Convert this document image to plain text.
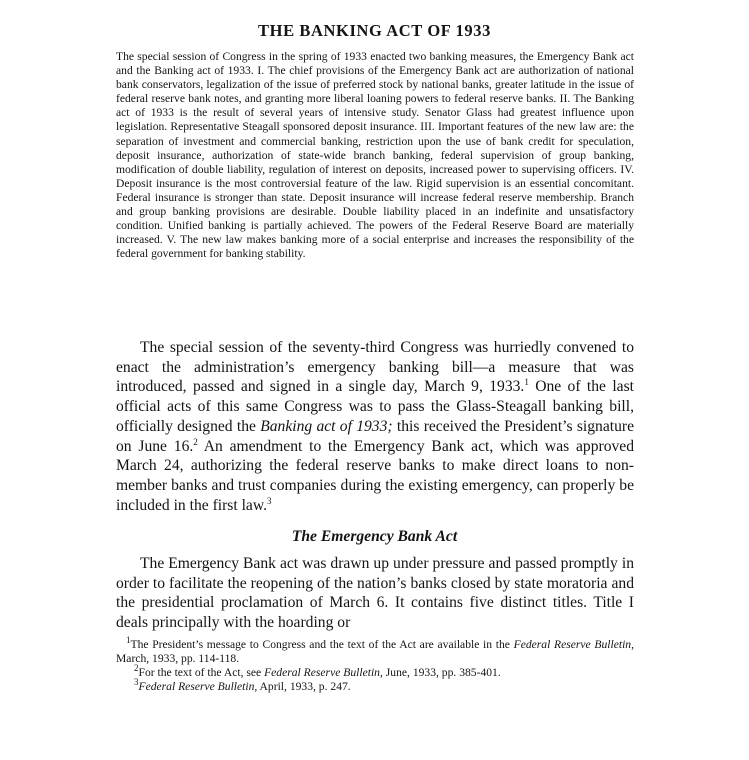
THE BANKING ACT OF 1933

The special session of Congress in the spring of 1933 enacted two banking measures, the Emergency Bank act and the Banking act of 1933. I. The chief provisions of the Emergency Bank act are authorization of national bank conservators, legalization of the issue of preferred stock by national banks, greater latitude in the issue of federal reserve bank notes, and granting more liberal loaning powers to federal reserve banks. II. The Banking act of 1933 is the result of several years of intensive study. Senator Glass had greatest influence upon legislation. Representative Steagall sponsored deposit insurance. III. Important features of the new law are: the separation of investment and commercial banking, restriction upon the use of bank credit for speculation, deposit insurance, authorization of state-wide branch banking, federal supervision of group banking, modification of double liability, regulation of interest on deposits, increased power to supervising officers. IV. Deposit insurance is the most controversial feature of the law. Rigid supervision is an essential concomitant. Federal insurance is stronger than state. Deposit insurance will increase federal reserve membership. Branch and group banking provisions are desirable. Double liability placed in an indefinite and unsatisfactory condition. Unified banking is partially achieved. The powers of the Federal Reserve Board are materially increased. V. The new law makes banking more of a social enterprise and increases the responsibility of the federal government for banking stability.

The special session of the seventy-third Congress was hurriedly convened to enact the administration’s emergency banking bill—a measure that was introduced, passed and signed in a single day, March 9, 1933.$^1$ One of the last official acts of this same Congress was to pass the Glass-Steagall banking bill, officially designed the Banking act of 1933; this received the President’s signature on June 16.$^2$ An amendment to the Emergency Bank act, which was approved March 24, authorizing the federal reserve banks to make direct loans to non-member banks and trust companies during the existing emergency, can properly be included in the first law.$^3$

The Emergency Bank Act

The Emergency Bank act was drawn up under pressure and passed promptly in order to facilitate the reopening of the nation’s banks closed by state moratoria and the presidential proclamation of March 6. It contains five distinct titles. Title I deals principally with the hoarding or

$^1$The President’s message to Congress and the text of the Act are available in the Federal Reserve Bulletin, March, 1933, pp. 114-118.
$^2$For the text of the Act, see Federal Reserve Bulletin, June, 1933, pp. 385-401.
$^3$Federal Reserve Bulletin, April, 1933, p. 247.
